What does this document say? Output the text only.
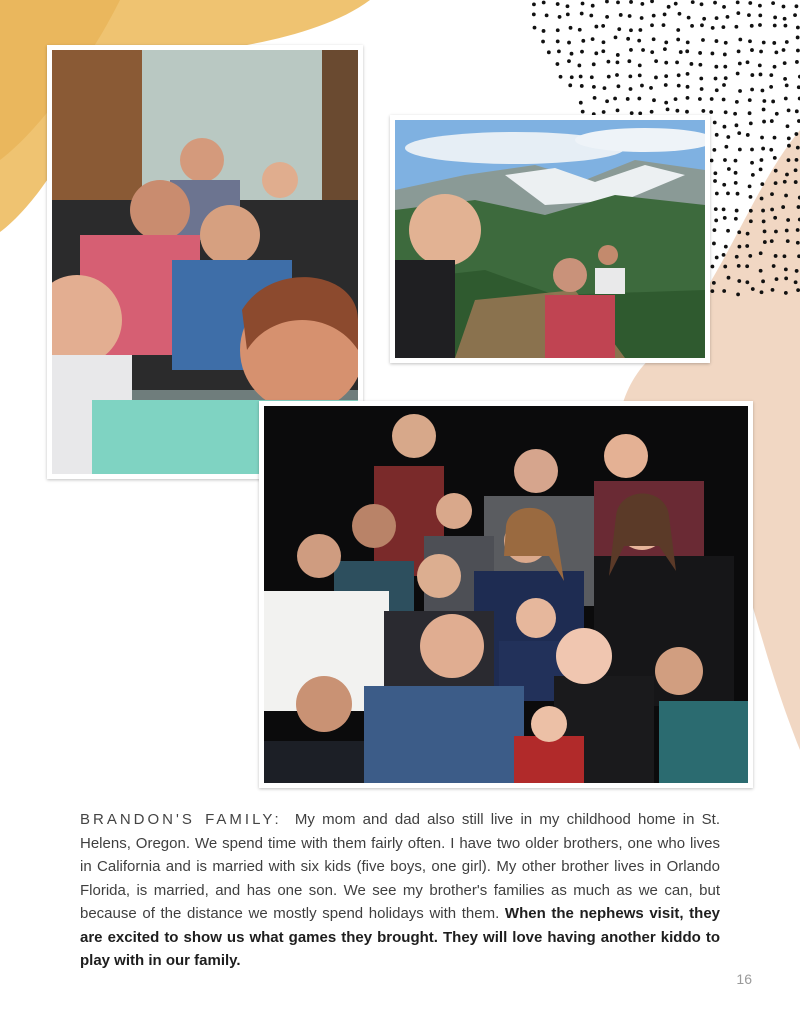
BRANDON'S FAMILY: My mom and dad also still live in my childhood home in St. Helens, Oregon. We spend time with them fairly often. I have two older brothers, one who lives in California and is married with six kids (five boys, one girl). My other brother lives in Orlando Florida, is married, and has one son. We see my brother's families as much as we can, but because of the distance we mostly spend holidays with them. When the nephews visit, they are excited to show us what games they brought. They will love having another kiddo to play with in our family.
16
